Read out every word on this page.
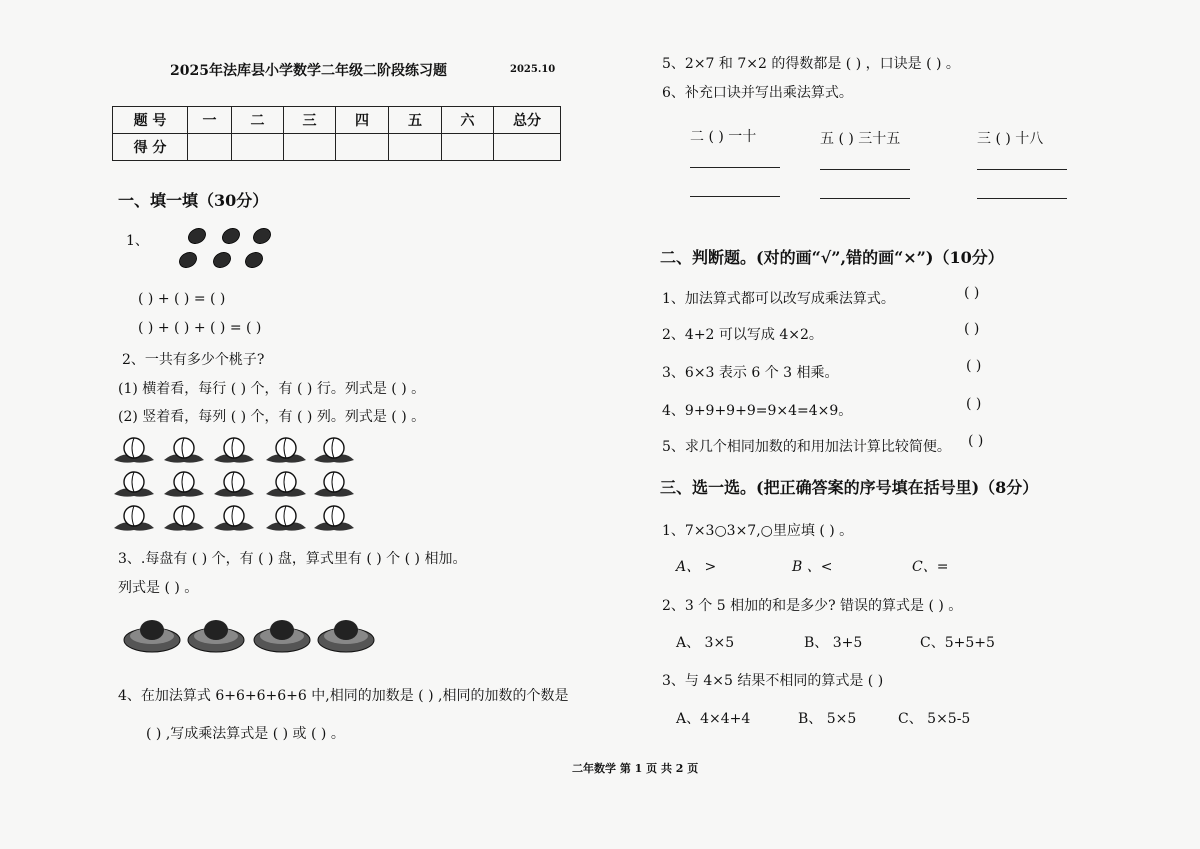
2025年法库县小学数学二年级二阶段练习题	2025.10
题 号	一	二	三	四	五	六	总分
得 分							
一、填一填（30分）
1、
( ) + ( ) = ( )
( ) + ( ) + ( ) = ( )
2、一共有多少个桃子?
(1) 横着看，每行 ( ) 个，有 ( ) 行。列式是 ( ) 。
(2) 竖着看，每列 ( ) 个，有 ( ) 列。列式是 ( ) 。
3、.每盘有 ( ) 个，有 ( ) 盘，算式里有 ( ) 个 ( ) 相加。
列式是 ( ) 。
4、在加法算式 6+6+6+6+6 中,相同的加数是 ( ) ,相同的加数的个数是
( ) ,写成乘法算式是 ( ) 或 ( ) 。
5、2×7 和 7×2 的得数都是 ( ) ，口诀是 ( ) 。
6、补充口诀并写出乘法算式。
二 ( ) 一十	五 ( ) 三十五	三 ( ) 十八
二、判断题。(对的画“√”,错的画“×”)（10分）
1、加法算式都可以改写成乘法算式。	( )
2、4+2 可以写成 4×2。	( )
3、6×3 表示 6 个 3 相乘。	( )
4、9+9+9+9=9×4=4×9。	( )
5、求几个相同加数的和用加法计算比较简便。 ( )
三、选一选。(把正确答案的序号填在括号里)（8分）
1、7×3○3×7,○里应填 ( ) 。
A、 >	B 、<	C、=
2、3 个 5 相加的和是多少? 错误的算式是 ( ) 。
A、 3×5	B、 3+5	C、5+5+5
3、与 4×5 结果不相同的算式是 ( )
A、4×4+4	B、 5×5	C、 5×5-5
二年数学 第 1 页 共 2 页
